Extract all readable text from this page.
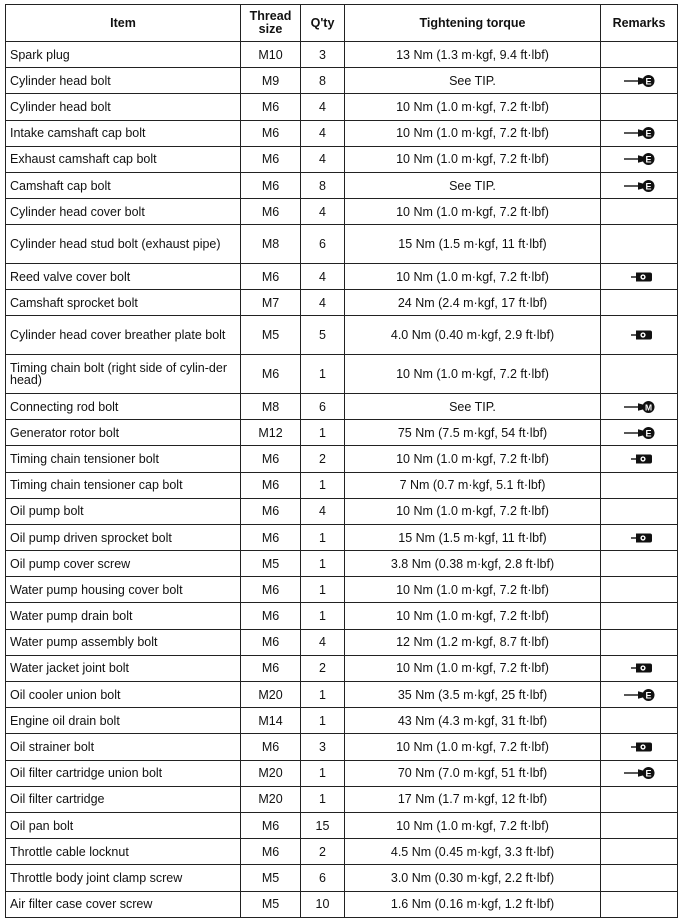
Item	Thread size	Q'ty	Tightening torque	Remarks
Spark plug	M10	3	13 Nm (1.3 m·kgf, 9.4 ft·lbf)	
Cylinder head bolt	M9	8	See TIP.	E

Cylinder head bolt	M6	4	10 Nm (1.0 m·kgf, 7.2 ft·lbf)	
Intake camshaft cap bolt	M6	4	10 Nm (1.0 m·kgf, 7.2 ft·lbf)	E

Exhaust camshaft cap bolt	M6	4	10 Nm (1.0 m·kgf, 7.2 ft·lbf)	E

Camshaft cap bolt	M6	8	See TIP.	E

Cylinder head cover bolt	M6	4	10 Nm (1.0 m·kgf, 7.2 ft·lbf)	
Cylinder head stud bolt (exhaust pipe)	M8	6	15 Nm (1.5 m·kgf, 11 ft·lbf)	
Reed valve cover bolt	M6	4	10 Nm (1.0 m·kgf, 7.2 ft·lbf)	
Camshaft sprocket bolt	M7	4	24 Nm (2.4 m·kgf, 17 ft·lbf)	
Cylinder head cover breather plate bolt	M5	5	4.0 Nm (0.40 m·kgf, 2.9 ft·lbf)	
Timing chain bolt (right side of cylin-der head)	M6	1	10 Nm (1.0 m·kgf, 7.2 ft·lbf)	
Connecting rod bolt	M8	6	See TIP.	M

Generator rotor bolt	M12	1	75 Nm (7.5 m·kgf, 54 ft·lbf)	E

Timing chain tensioner bolt	M6	2	10 Nm (1.0 m·kgf, 7.2 ft·lbf)	
Timing chain tensioner cap bolt	M6	1	7 Nm (0.7 m·kgf, 5.1 ft·lbf)	
Oil pump bolt	M6	4	10 Nm (1.0 m·kgf, 7.2 ft·lbf)	
Oil pump driven sprocket bolt	M6	1	15 Nm (1.5 m·kgf, 11 ft·lbf)	
Oil pump cover screw	M5	1	3.8 Nm (0.38 m·kgf, 2.8 ft·lbf)	
Water pump housing cover bolt	M6	1	10 Nm (1.0 m·kgf, 7.2 ft·lbf)	
Water pump drain bolt	M6	1	10 Nm (1.0 m·kgf, 7.2 ft·lbf)	
Water pump assembly bolt	M6	4	12 Nm (1.2 m·kgf, 8.7 ft·lbf)	
Water jacket joint bolt	M6	2	10 Nm (1.0 m·kgf, 7.2 ft·lbf)	
Oil cooler union bolt	M20	1	35 Nm (3.5 m·kgf, 25 ft·lbf)	E

Engine oil drain bolt	M14	1	43 Nm (4.3 m·kgf, 31 ft·lbf)	
Oil strainer bolt	M6	3	10 Nm (1.0 m·kgf, 7.2 ft·lbf)	
Oil filter cartridge union bolt	M20	1	70 Nm (7.0 m·kgf, 51 ft·lbf)	E

Oil filter cartridge	M20	1	17 Nm (1.7 m·kgf, 12 ft·lbf)	
Oil pan bolt	M6	15	10 Nm (1.0 m·kgf, 7.2 ft·lbf)	
Throttle cable locknut	M6	2	4.5 Nm (0.45 m·kgf, 3.3 ft·lbf)	
Throttle body joint clamp screw	M5	6	3.0 Nm (0.30 m·kgf, 2.2 ft·lbf)	
Air filter case cover screw	M5	10	1.6 Nm (0.16 m·kgf, 1.2 ft·lbf)	
